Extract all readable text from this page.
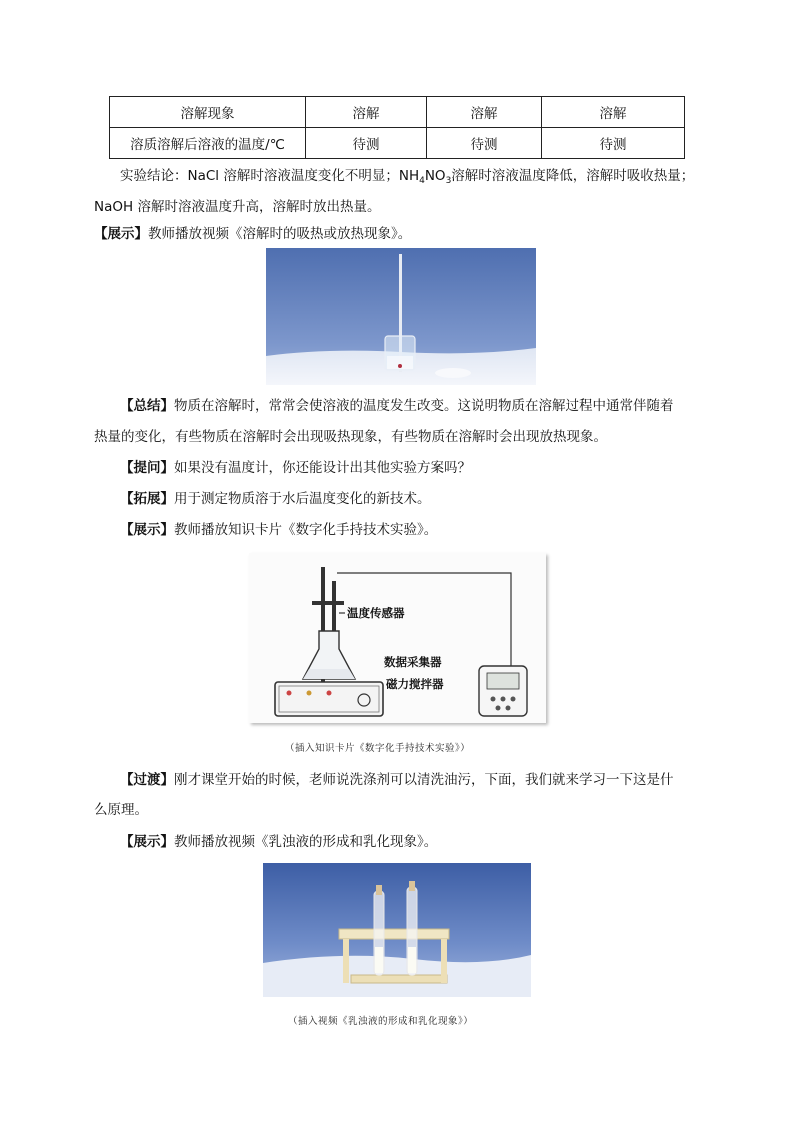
溶解现象	溶解	溶解	溶解
溶质溶解后溶液的温度/℃	待测	待测	待测
实验结论：NaCl 溶解时溶液温度变化不明显；$NH_4NO_3$溶解时溶液温度降低，溶解时吸收热量；
NaOH 溶解时溶液温度升高，溶解时放出热量。
【展示】教师播放视频《溶解时的吸热或放热现象》。
【总结】物质在溶解时，常常会使溶液的温度发生改变。这说明物质在溶解过程中通常伴随着
热量的变化，有些物质在溶解时会出现吸热现象，有些物质在溶解时会出现放热现象。
【提问】如果没有温度计，你还能设计出其他实验方案吗？
【拓展】用于测定物质溶于水后温度变化的新技术。
【展示】教师播放知识卡片《数字化手持技术实验》。
温度传感器
数据采集器
磁力搅拌器
（插入知识卡片《数字化手持技术实验》）
【过渡】刚才课堂开始的时候，老师说洗涤剂可以清洗油污，下面，我们就来学习一下这是什
么原理。
【展示】教师播放视频《乳浊液的形成和乳化现象》。
（插入视频《乳浊液的形成和乳化现象》）
